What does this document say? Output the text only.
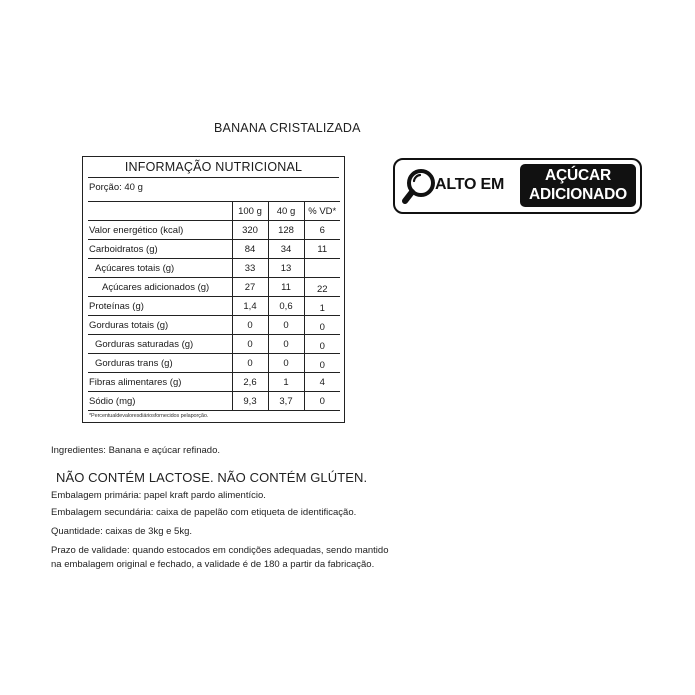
BANANA CRISTALIZADA
INFORMAÇÃO NUTRICIONAL
Porção: 40 g
	100 g	40 g	% VD*
Valor energético (kcal)	320	128	6
Carboidratos (g)	84	34	11
Açúcares totais (g)	33	13	
Açúcares adicionados (g)	27	11	22
Proteínas (g)	1,4	0,6	1
Gorduras totais (g)	0	0	0
Gorduras saturadas (g)	0	0	0
Gorduras trans (g)	0	0	0
Fibras alimentares (g)	2,6	1	4
Sódio (mg)	9,3	3,7	0
*Percentualdevaloresdiáriosfornecidos pelaporção.
ALTO EM
AÇÚCAR
ADICIONADO
Ingredientes: Banana e açúcar refinado.
NÃO CONTÉM LACTOSE. NÃO CONTÉM GLÚTEN.
Embalagem primária: papel kraft pardo alimentício.
Embalagem secundária: caixa de papelão com etiqueta de identificação.
Quantidade: caixas de 3kg e 5kg.
Prazo de validade: quando estocados em condições adequadas, sendo mantido
na embalagem original e fechado, a validade é de 180 a partir da fabricação.
